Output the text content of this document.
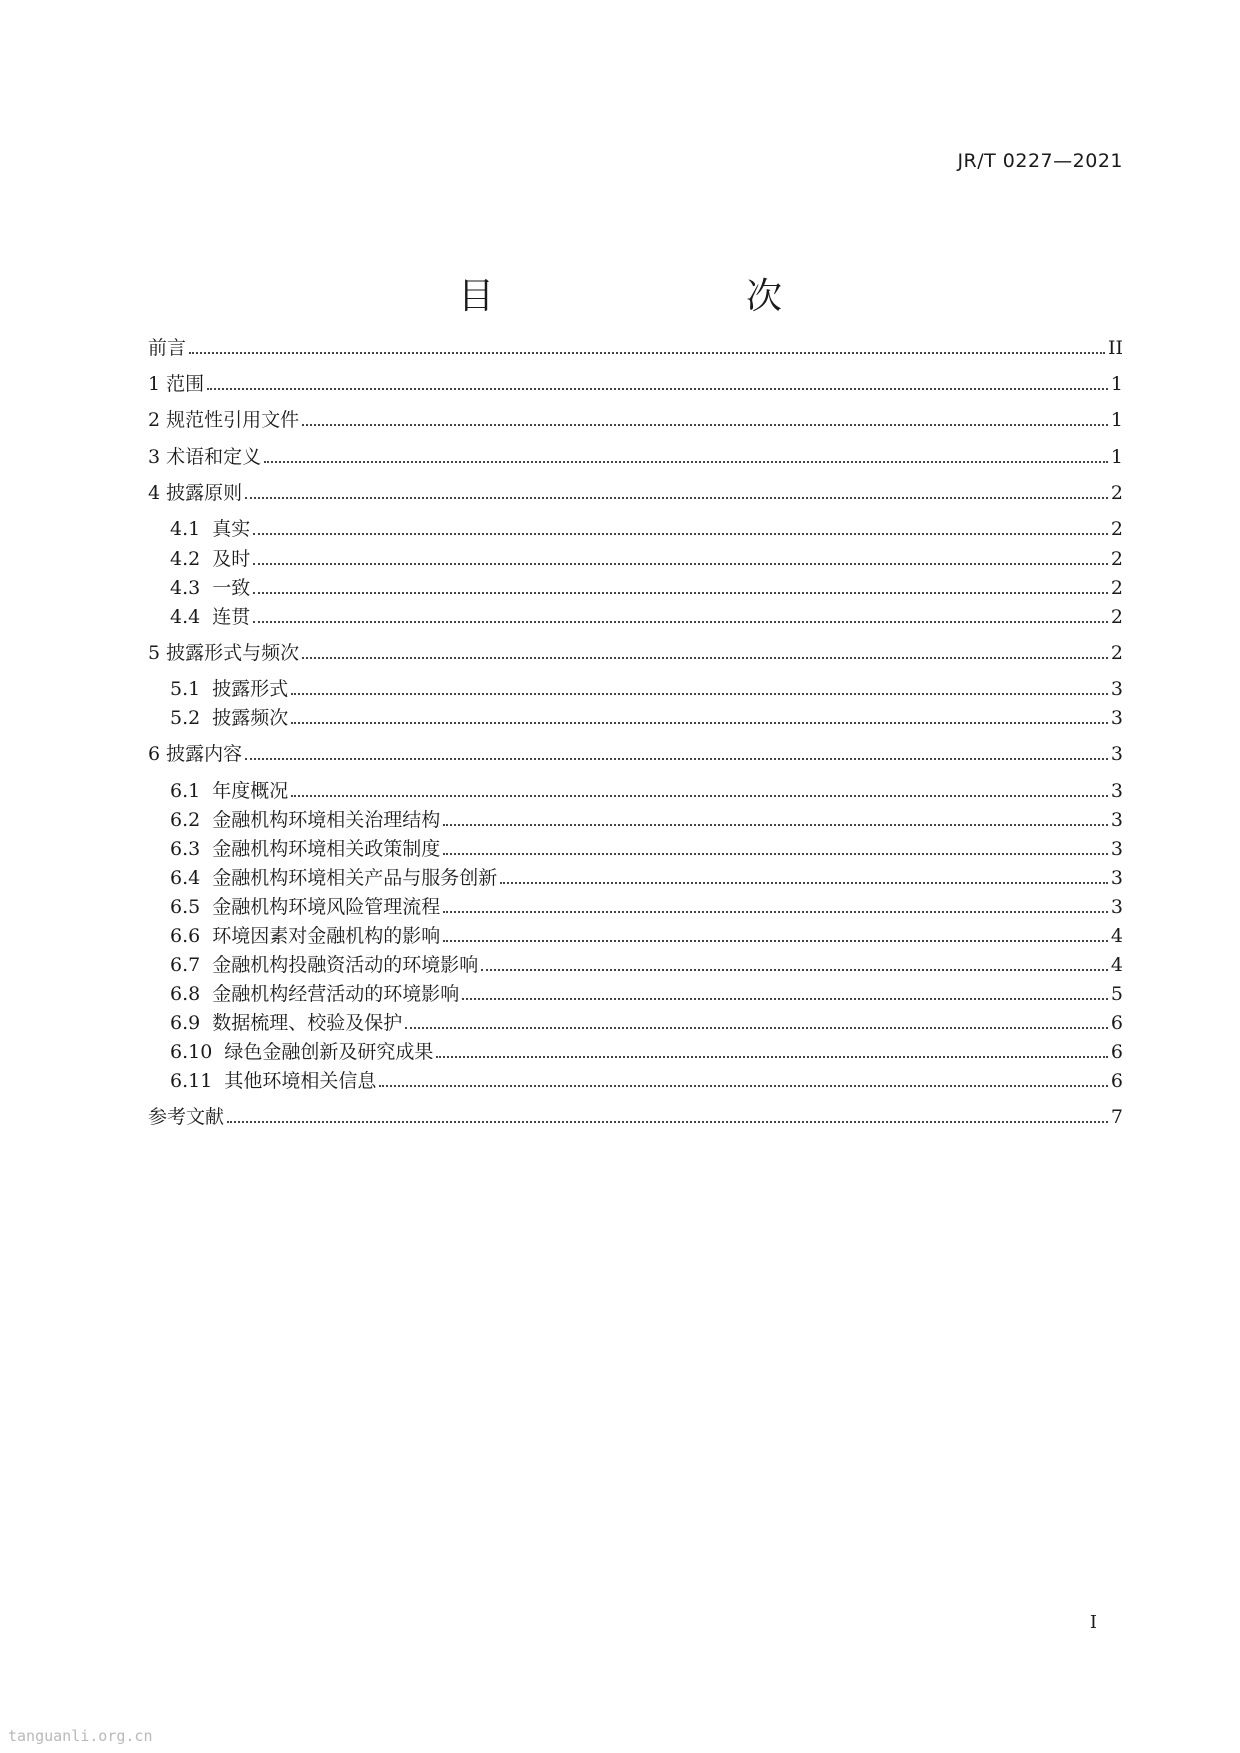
JR/T 0227—2021
目　　次
前言	II
1 范围	1
2 规范性引用文件	1
3 术语和定义	1
4 披露原则	2
4.1 真实	2
4.2 及时	2
4.3 一致	2
4.4 连贯	2
5 披露形式与频次	2
5.1 披露形式	3
5.2 披露频次	3
6 披露内容	3
6.1 年度概况	3
6.2 金融机构环境相关治理结构	3
6.3 金融机构环境相关政策制度	3
6.4 金融机构环境相关产品与服务创新	3
6.5 金融机构环境风险管理流程	3
6.6 环境因素对金融机构的影响	4
6.7 金融机构投融资活动的环境影响	4
6.8 金融机构经营活动的环境影响	5
6.9 数据梳理、校验及保护	6
6.10 绿色金融创新及研究成果	6
6.11 其他环境相关信息	6
参考文献	7
I
tanguanli.org.cn
